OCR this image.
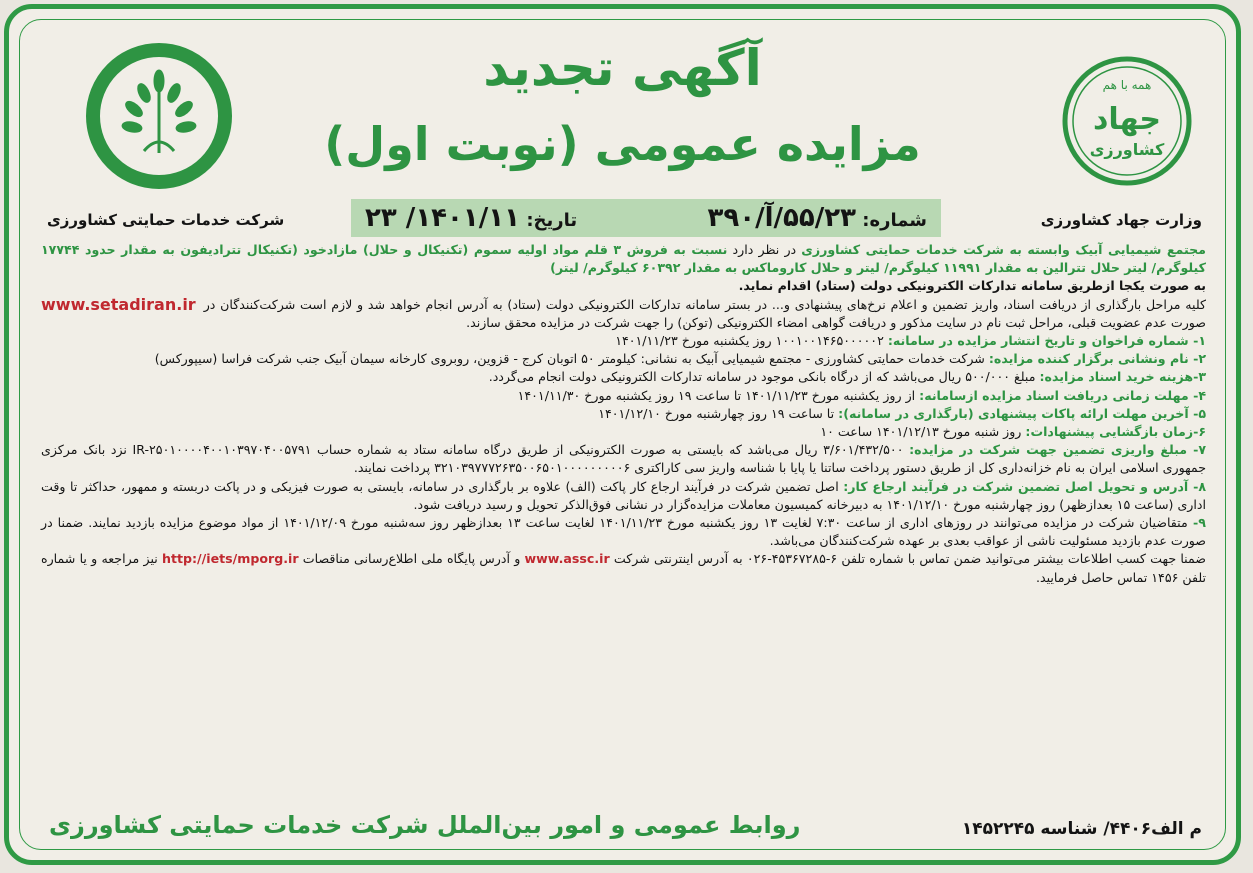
همه با هم
جهاد
کشاورزی
آگهی تجدید
مزایده عمومی (نوبت اول)
شرکت خدمات حمایتی کشاورزی	وزارت جهاد کشاورزی
شماره: ۵۵/۲۳/آ/۳۹۰
تاریخ: ۱۴۰۱/۱۱/ ۲۳

مجتمع شیمیایی آبیک وابسته به شرکت خدمات حمایتی کشاورزی در نظر دارد نسبت به فروش ۳ قلم مواد اولیه سموم (تکنیکال و حلال) مازادخود (تکنیکال تترادیفون به مقدار حدود ۱۷۷۴۴ کیلوگرم/ لیتر حلال تترالین به مقدار ۱۱۹۹۱ کیلوگرم/ لیتر و حلال کاروماکس به مقدار ۶۰۳۹۲ کیلوگرم/ لیتر)

به صورت یکجا ازطریق سامانه تدارکات الکترونیکی دولت (ستاد) اقدام نماید.

www.setadiran.ir	کلیه مراحل بارگذاری از دریافت اسناد، واریز تضمین و اعلام نرخ‌های پیشنهادی و... در بستر سامانه تدارکات الکترونیکی دولت (ستاد) به آدرس انجام خواهد شد و لازم است شرکت‌کنندگان در صورت عدم عضویت قبلی، مراحل ثبت نام در سایت مذکور و دریافت گواهی امضاء الکترونیکی (توکن) را جهت شرکت در مزایده محقق سازند.

۱- شماره فراخوان و تاریخ انتشار مزایده در سامانه: ۱۰۰۱۰۰۱۴۶۵۰۰۰۰۰۲ روز یکشنبه مورخ ۱۴۰۱/۱۱/۲۳

۲- نام ونشانی برگزار کننده مزایده: شرکت خدمات حمایتی کشاورزی - مجتمع شیمیایی آبیک به نشانی: کیلومتر ۵۰ اتوبان کرج - قزوین، روبروی کارخانه سیمان آبیک جنب شرکت فراسا (سیپورکس)

۳-هزینه خرید اسناد مزایده: مبلغ ۵۰۰/۰۰۰ ریال می‌باشد که از درگاه بانکی موجود در سامانه تدارکات الکترونیکی دولت انجام می‌گردد.

۴- مهلت زمانی دریافت اسناد مزایده ازسامانه: از روز یکشنبه مورخ ۱۴۰۱/۱۱/۲۳ تا ساعت ۱۹ روز یکشنبه مورخ ۱۴۰۱/۱۱/۳۰

۵- آخرین مهلت ارائه پاکات پیشنهادی (بارگذاری در سامانه): تا ساعت ۱۹ روز چهارشنبه مورخ ۱۴۰۱/۱۲/۱۰

۶-زمان بازگشایی پیشنهادات: روز شنبه مورخ ۱۴۰۱/۱۲/۱۳ ساعت ۱۰

۷- مبلغ واریزی تضمین جهت شرکت در مزایده: ۳/۶۰۱/۴۳۲/۵۰۰ ریال می‌باشد که بایستی به صورت الکترونیکی از طریق درگاه سامانه ستاد به شماره حساب IR-۲۵۰۱۰۰۰۰۴۰۰۱۰۳۹۷۰۴۰۰۵۷۹۱ نزد بانک مرکزی جمهوری اسلامی ایران به نام خزانه‌داری کل از طریق دستور پرداخت ساتنا یا پایا با شناسه واریز سی کاراکتری ۳۲۱۰۳۹۷۷۷۲۶۳۵۰۰۶۵۰۱۰۰۰۰۰۰۰۰۰۶ پرداخت نمایند.

۸- آدرس و تحویل اصل تضمین شرکت در فرآیند ارجاع کار: اصل تضمین شرکت در فرآیند ارجاع کار پاکت (الف) علاوه بر بارگذاری در سامانه، بایستی به صورت فیزیکی و در پاکت دربسته و ممهور، حداکثر تا وقت اداری (ساعت ۱۵ بعدازظهر) روز چهارشنبه مورخ ۱۴۰۱/۱۲/۱۰ به دبیرخانه کمیسیون معاملات مزایده‌گزار در نشانی فوق‌الذکر تحویل و رسید دریافت شود.

۹- متقاضیان شرکت در مزایده می‌توانند در روزهای اداری از ساعت ۷:۳۰ لغایت ۱۳ روز یکشنبه مورخ ۱۴۰۱/۱۱/۲۳ لغایت ساعت ۱۳ بعدازظهر روز سه‌شنبه مورخ ۱۴۰۱/۱۲/۰۹ از مواد موضوع مزایده بازدید نمایند. ضمنا در صورت عدم بازدید مسئولیت ناشی از عواقب بعدی بر عهده شرکت‌کنندگان می‌باشد.

ضمنا جهت کسب اطلاعات بیشتر می‌توانید ضمن تماس با شماره تلفن ۶-۴۵۳۶۷۲۸۵-۰۲۶ به آدرس اینترنتی شرکت www.assc.ir و آدرس پایگاه ملی اطلاع‌رسانی مناقصات http://iets/mporg.ir نیز مراجعه و یا شماره تلفن ۱۴۵۶ تماس حاصل فرمایید.

روابط عمومی و امور بین‌الملل شرکت خدمات حمایتی کشاورزی	م الف۴۴۰۶/ شناسه ۱۴۵۲۲۴۵
